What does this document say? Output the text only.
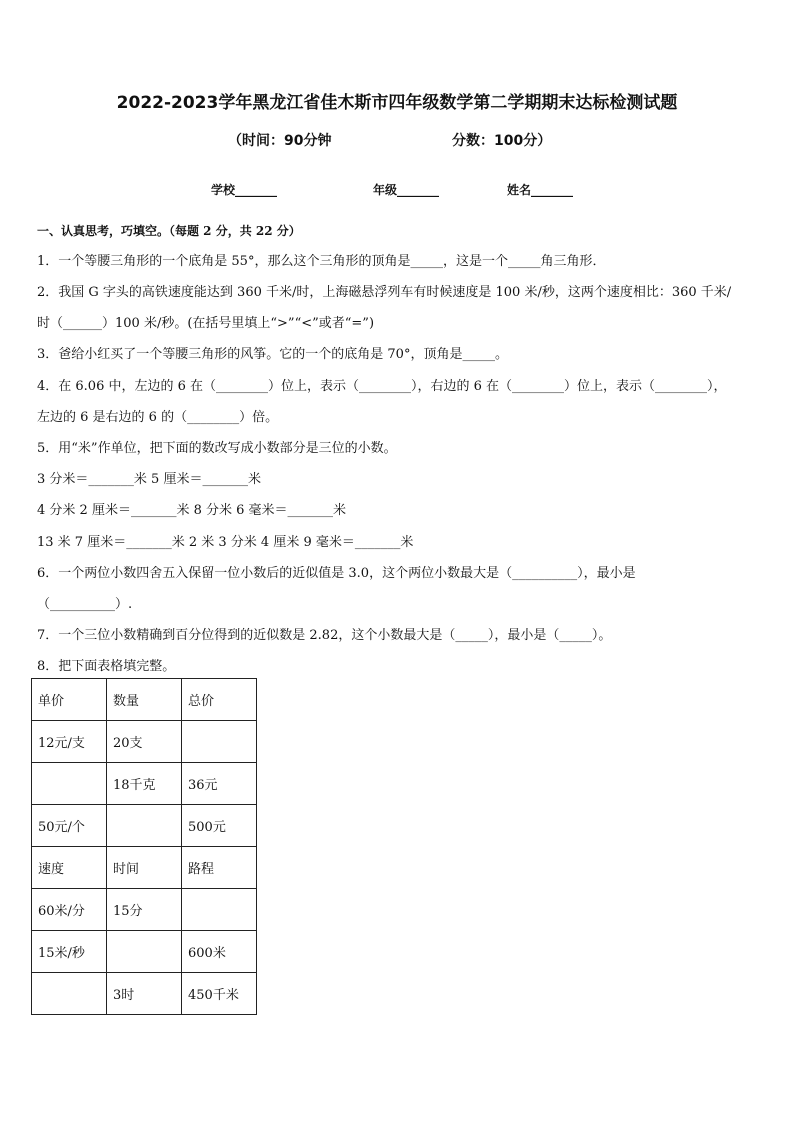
2022-2023学年黑龙江省佳木斯市四年级数学第二学期期末达标检测试题
（时间：90分钟	分数：100分）
学校_______	年级_______	姓名_______
一、认真思考，巧填空。（每题 2 分，共 22 分）
1．一个等腰三角形的一个底角是 55°，那么这个三角形的顶角是_____，这是一个_____角三角形．
2．我国 G 字头的高铁速度能达到 360 千米/时，上海磁悬浮列车有时候速度是 100 米/秒，这两个速度相比：360 千米/
时（______）100 米/秒。(在括号里填上“>”“<”或者“=”)
3．爸给小红买了一个等腰三角形的风筝。它的一个的底角是 70°，顶角是_____。
4．在 6.06 中，左边的 6 在（________）位上，表示（________），右边的 6 在（________）位上，表示（________），
左边的 6 是右边的 6 的（________）倍。
5．用“米”作单位，把下面的数改写成小数部分是三位的小数。
3 分米＝_______米 5 厘米＝_______米
4 分米 2 厘米＝_______米 8 分米 6 毫米＝_______米
13 米 7 厘米＝_______米 2 米 3 分米 4 厘米 9 毫米＝_______米
6．一个两位小数四舍五入保留一位小数后的近似值是 3.0，这个两位小数最大是（__________），最小是
（__________）.
7．一个三位小数精确到百分位得到的近似数是 2.82，这个小数最大是（_____），最小是（_____）。
8．把下面表格填完整。
单价	数量	总价
12元/支	20支	
	18千克	36元
50元/个		500元
速度	时间	路程
60米/分	15分	
15米/秒		600米
	3时	450千米
